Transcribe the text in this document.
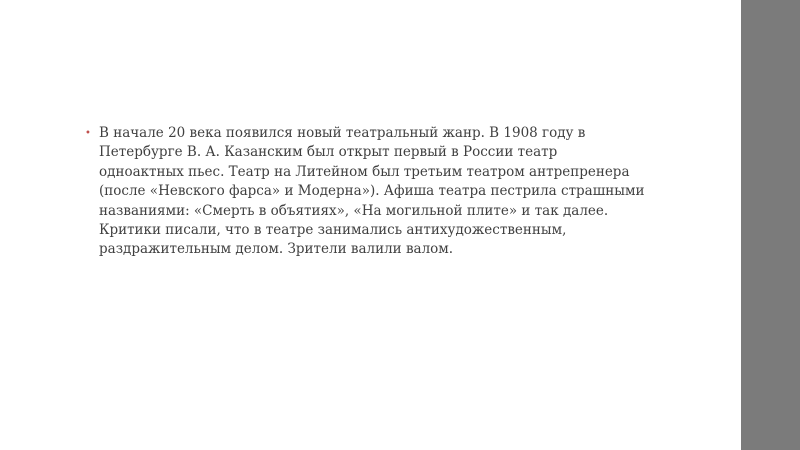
• В начале 20 века появился новый театральный жанр. В 1908 году в Петербурге В. А. Казанским был открыт первый в России театр одноактных пьес. Театр на Литейном был третьим театром антрепренера (после «Невского фарса» и Модерна»). Афиша театра пестрила страшными названиями: «Смерть в объятиях», «На могильной плите» и так далее. Критики писали, что в театре занимались антихудожественным, раздражительным делом. Зрители валили валом.
